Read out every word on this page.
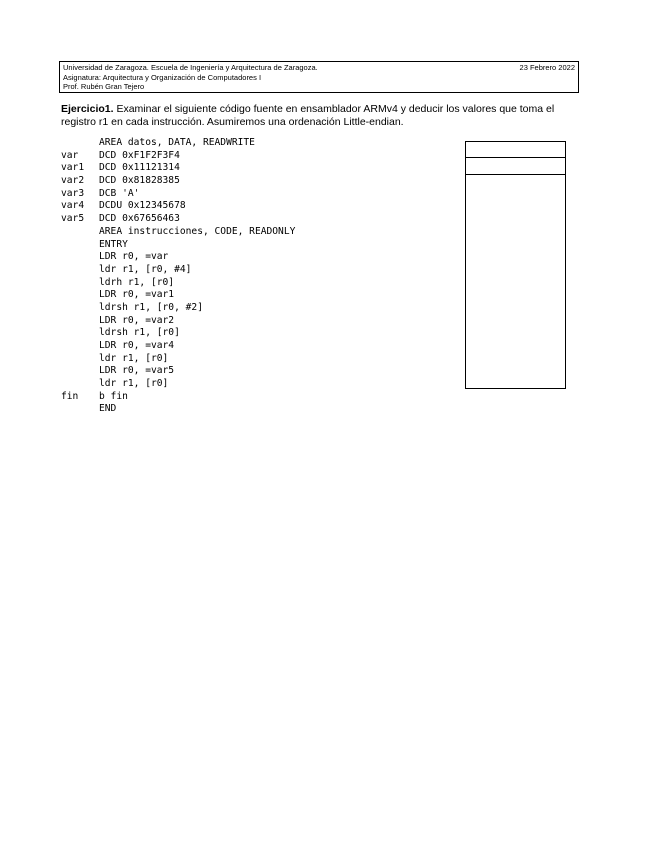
Universidad de Zaragoza. Escuela de Ingeniería y Arquitectura de Zaragoza.
Asignatura: Arquitectura y Organización de Computadores I
Prof. Rubén Gran Tejero
23 Febrero 2022
Ejercicio1. Examinar el siguiente código fuente en ensamblador ARMv4 y deducir los valores que toma el registro r1 en cada instrucción. Asumiremos una ordenación Little-endian.
AREA datos, DATA, READWRITE
var DCD 0xF1F2F3F4
var1 DCD 0x11121314
var2 DCD 0x81828385
var3 DCB 'A'
var4 DCDU 0x12345678
var5 DCD 0x67656463
AREA instrucciones, CODE, READONLY
ENTRY
LDR r0, =var
ldr r1, [r0, #4]
ldrh r1, [r0]
LDR r0, =var1
ldrsh r1, [r0, #2]
LDR r0, =var2
ldrsh r1, [r0]
LDR r0, =var4
ldr r1, [r0]
LDR r0, =var5
ldr r1, [r0]
fin b fin
END
